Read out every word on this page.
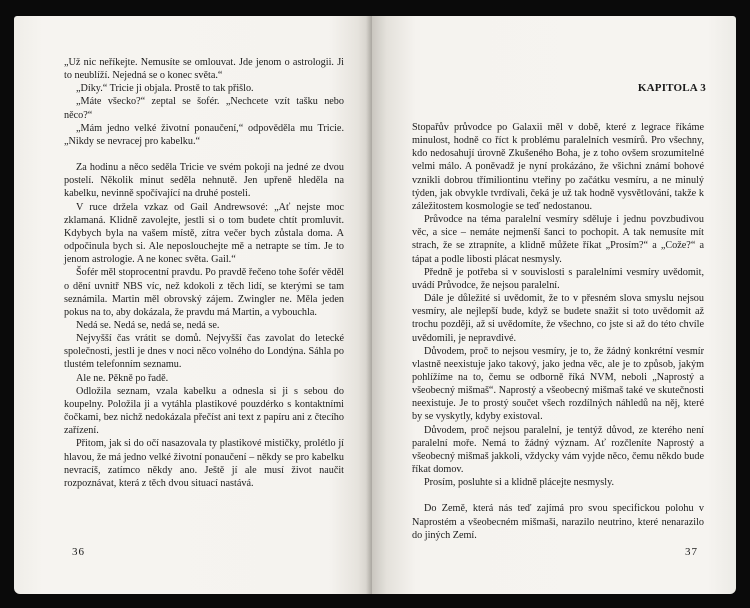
„Už nic neříkejte. Nemusíte se omlouvat. Jde jenom o astrologii. Ji to neublíží. Nejedná se o konec světa.“

„Díky.“ Tricie ji objala. Prostě to tak přišlo.

„Máte všecko?“ zeptal se šofér. „Nechcete vzít tašku nebo něco?“

„Mám jedno velké životní ponaučení,“ odpověděla mu Tricie. „Nikdy se nevracej pro kabelku.“

Za hodinu a něco seděla Tricie ve svém pokoji na jedné ze dvou postelí. Několik minut seděla nehnutě. Jen upřeně hleděla na kabelku, nevinně spočívající na druhé posteli.

V ruce držela vzkaz od Gail Andrewsové: „Ať nejste moc zklamaná. Klidně zavolejte, jestli si o tom budete chtít promluvit. Kdybych byla na vašem místě, zítra večer bych zůstala doma. A odpočinula bych si. Ale neposlouchejte mě a netrapte se tím. Je to jenom astrologie. A ne konec světa. Gail.“

Šofér měl stoprocentní pravdu. Po pravdě řečeno tohe šofér věděl o dění uvnitř NBS víc, než kdokoli z těch lidí, se kterými se tam seznámila. Martin měl obrovský zájem. Zwingler ne. Měla jeden pokus na to, aby dokázala, že pravdu má Martin, a vybouchla.

Nedá se. Nedá se, nedá se, nedá se.

Nejvyšší čas vrátit se domů. Nejvyšší čas zavolat do letecké společnosti, jestli je dnes v noci něco volného do Londýna. Sáhla po tlustém telefonním seznamu.

Ale ne. Pěkně po řadě.

Odložila seznam, vzala kabelku a odnesla si ji s sebou do koupelny. Položila ji a vytáhla plastikové pouzdérko s kontaktními čočkami, bez nichž nedokázala přečíst ani text z papíru ani z čtecího zařízení.

Přitom, jak si do očí nasazovala ty plastikové mističky, prolétlo jí hlavou, že má jedno velké životní ponaučení – někdy se pro kabelku nevracíš, zatímco někdy ano. Ještě jí ale musí život naučit rozpoznávat, která z těch dvou situací nastává.

36
KAPITOLA 3

Stopařův průvodce po Galaxii měl v době, které z legrace říkáme minulost, hodně co říct k problému paralelních vesmírů. Pro všechny, kdo nedosahují úrovně Zkušeného Boha, je z toho ovšem srozumitelné velmi málo. A poněvadž je nyní prokázáno, že všichni známí bohové vznikli dobrou třímiliontinu vteřiny po začátku vesmíru, a ne minulý týden, jak obvykle tvrdívali, čeká je už tak hodně vysvětlování, takže k záležitostem kosmologie se teď nedostanou.

Průvodce na téma paralelní vesmíry sděluje i jednu povzbudivou věc, a sice – nemáte nejmenší šanci to pochopit. A tak nemusíte mít strach, že se ztrapníte, a klidně můžete říkat „Prosím?“ a „Cože?“ a tápat a podle libosti plácat nesmysly.

Předně je potřeba si v souvislosti s paralelními vesmíry uvědomit, uvádí Průvodce, že nejsou paralelní.

Dále je důležité si uvědomit, že to v přesném slova smyslu nejsou vesmíry, ale nejlepší bude, když se budete snažit si toto uvědomit až trochu později, až si uvědomíte, že všechno, co jste si až do této chvíle uvědomili, je nepravdivé.

Důvodem, proč to nejsou vesmíry, je to, že žádný konkrétní vesmír vlastně neexistuje jako takový, jako jedna věc, ale je to způsob, jakým pohlížíme na to, čemu se odborně říká NVM, neboli „Naprostý a všeobecný mišmaš“. Naprostý a všeobecný mišmaš také ve skutečnosti neexistuje. Je to prostý součet všech rozdílných náhledů na něj, které by se vyskytly, kdyby existoval.

Důvodem, proč nejsou paralelní, je tentýž důvod, ze kterého není paralelní moře. Nemá to žádný význam. Ať rozčleníte Naprostý a všeobecný mišmaš jakkoli, vždycky vám vyjde něco, čemu někdo bude říkat domov.

Prosím, posluhte si a klidně plácejte nesmysly.

Do Země, která nás teď zajímá pro svou specifickou polohu v Naprostém a všeobecném mišmaši, narazilo neutrino, které nenarazilo do jiných Zemí.

37
